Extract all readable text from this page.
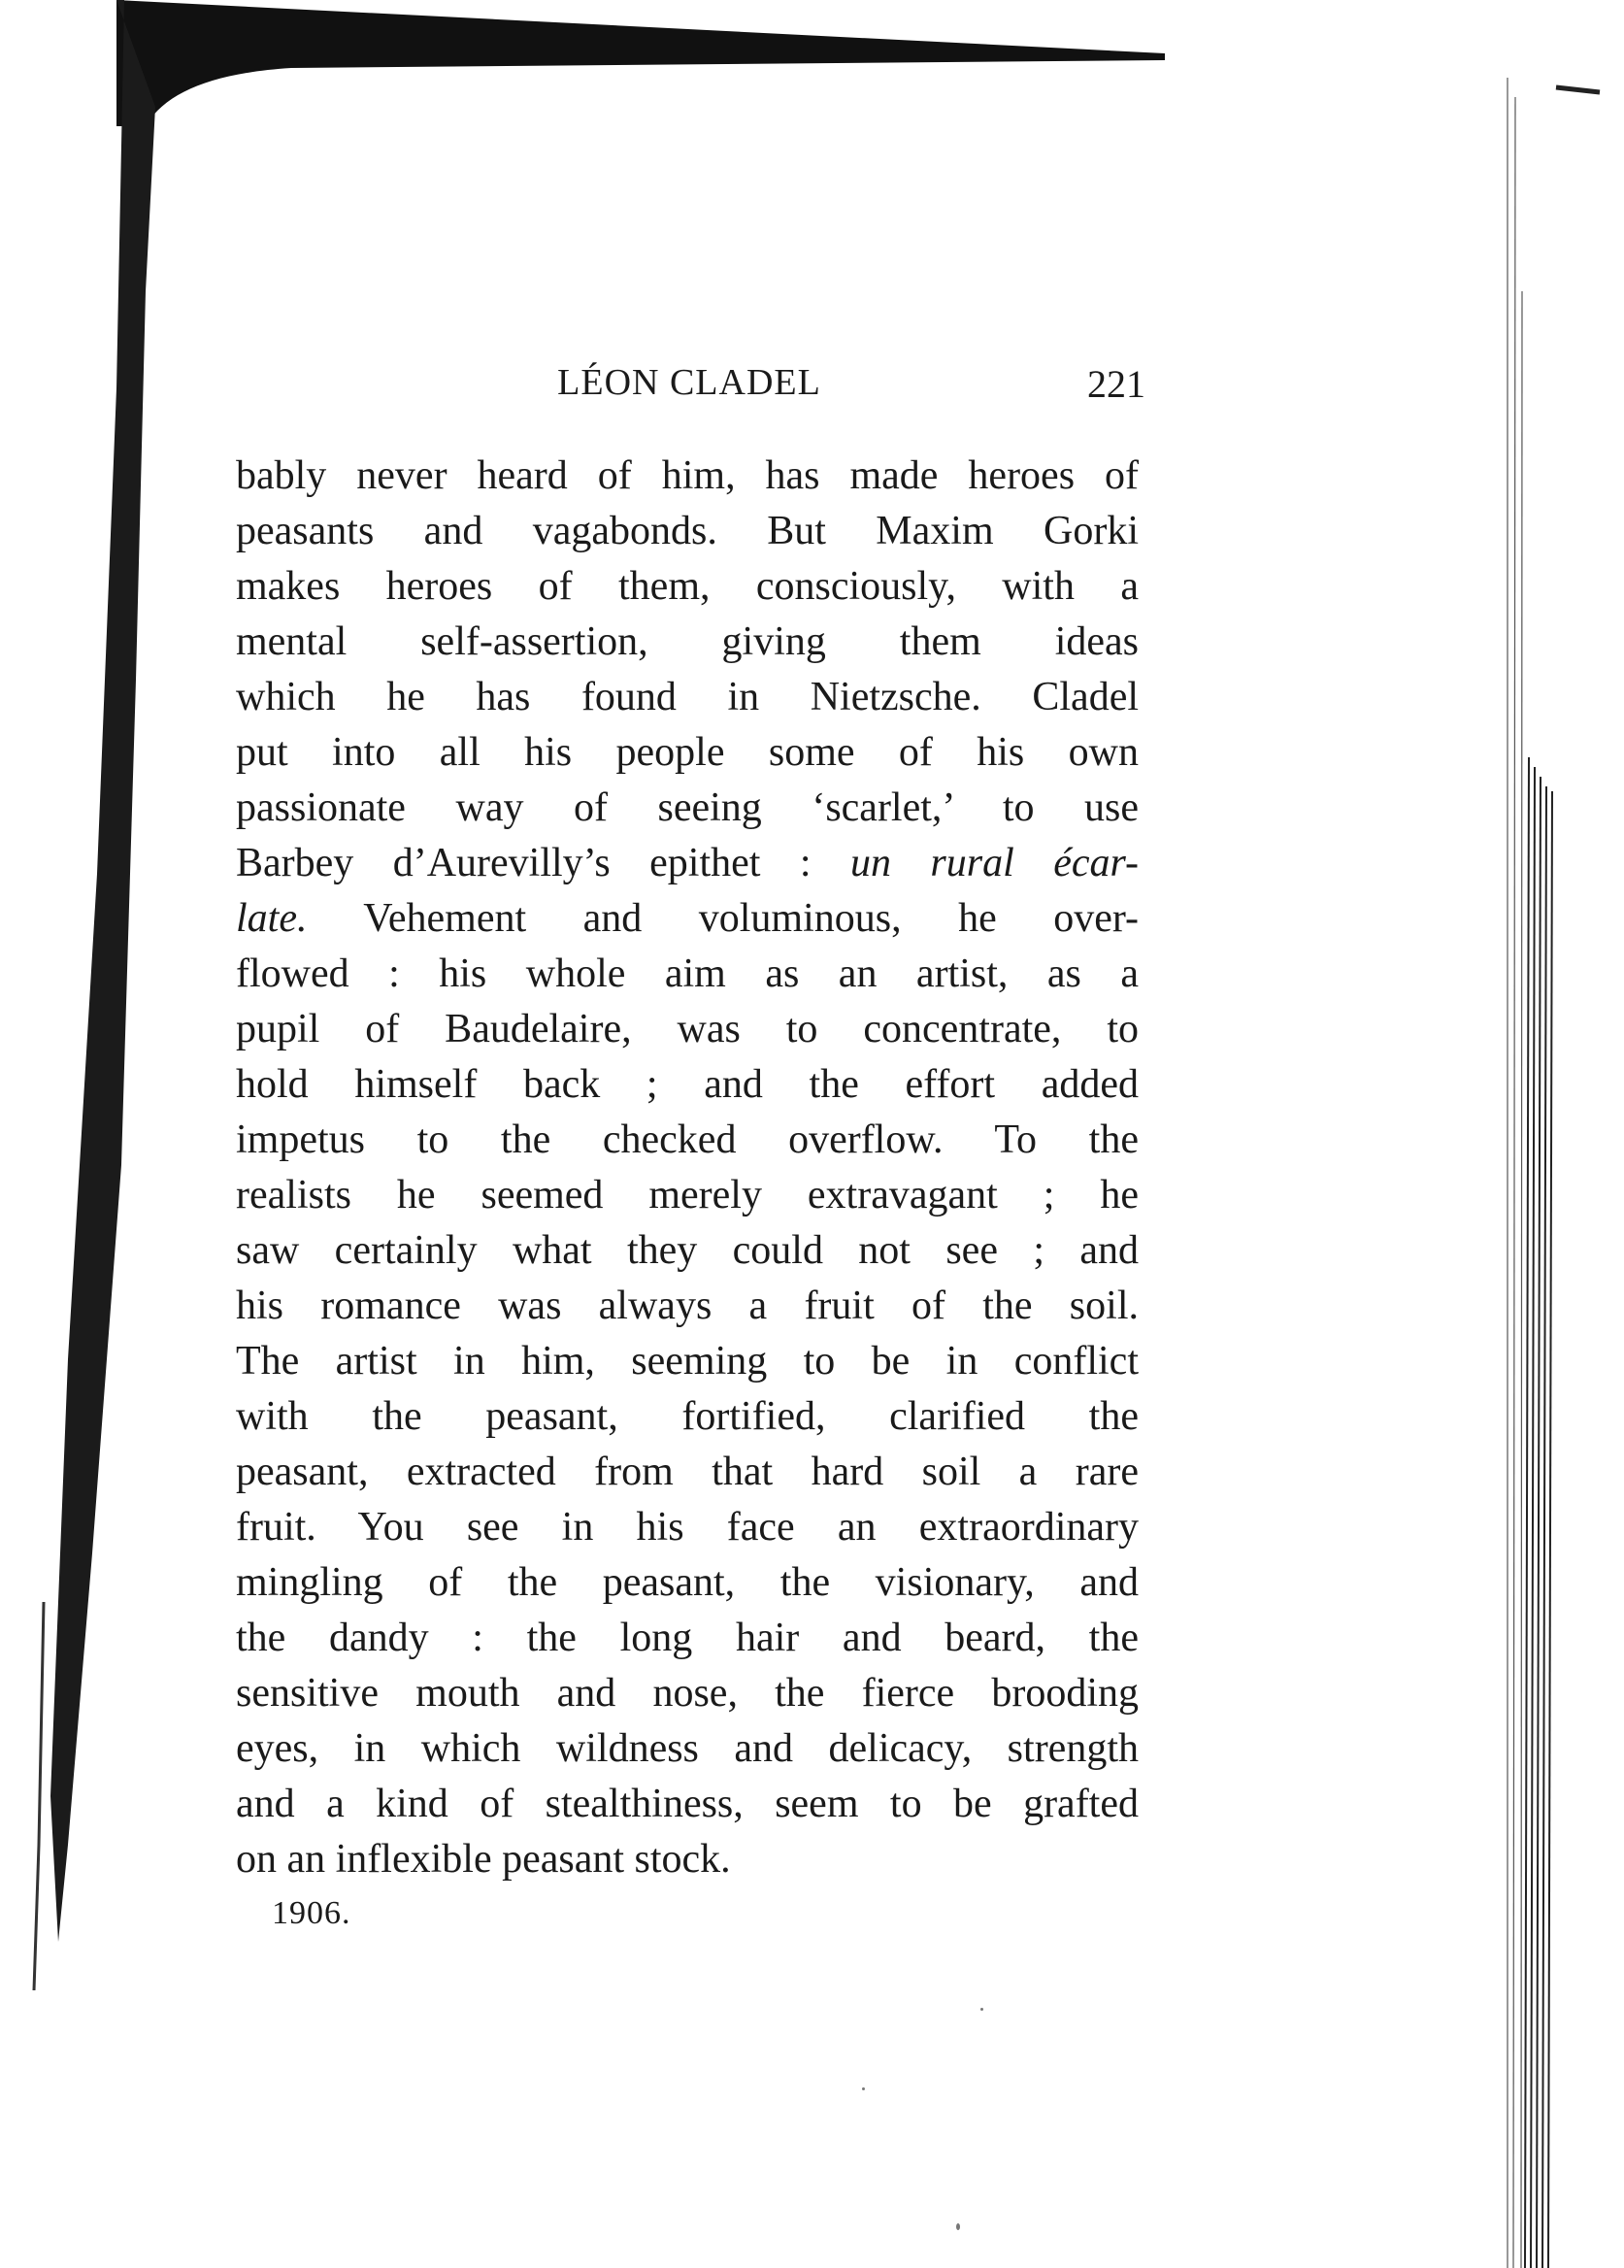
LÉON CLADEL	221
bably never heard of him, has made heroes of
peasants and vagabonds. But Maxim Gorki
makes heroes of them, consciously, with a
mental self-assertion, giving them ideas
which he has found in Nietzsche. Cladel
put into all his people some of his own
passionate way of seeing ‘scarlet,’ to use
Barbey d’Aurevilly’s epithet : un rural écar-
late. Vehement and voluminous, he over-
flowed : his whole aim as an artist, as a
pupil of Baudelaire, was to concentrate, to
hold himself back ; and the effort added
impetus to the checked overflow. To the
realists he seemed merely extravagant ; he
saw certainly what they could not see ; and
his romance was always a fruit of the soil.
The artist in him, seeming to be in conflict
with the peasant, fortified, clarified the
peasant, extracted from that hard soil a rare
fruit. You see in his face an extraordinary
mingling of the peasant, the visionary, and
the dandy : the long hair and beard, the
sensitive mouth and nose, the fierce brooding
eyes, in which wildness and delicacy, strength
and a kind of stealthiness, seem to be grafted
on an inflexible peasant stock.
1906.
